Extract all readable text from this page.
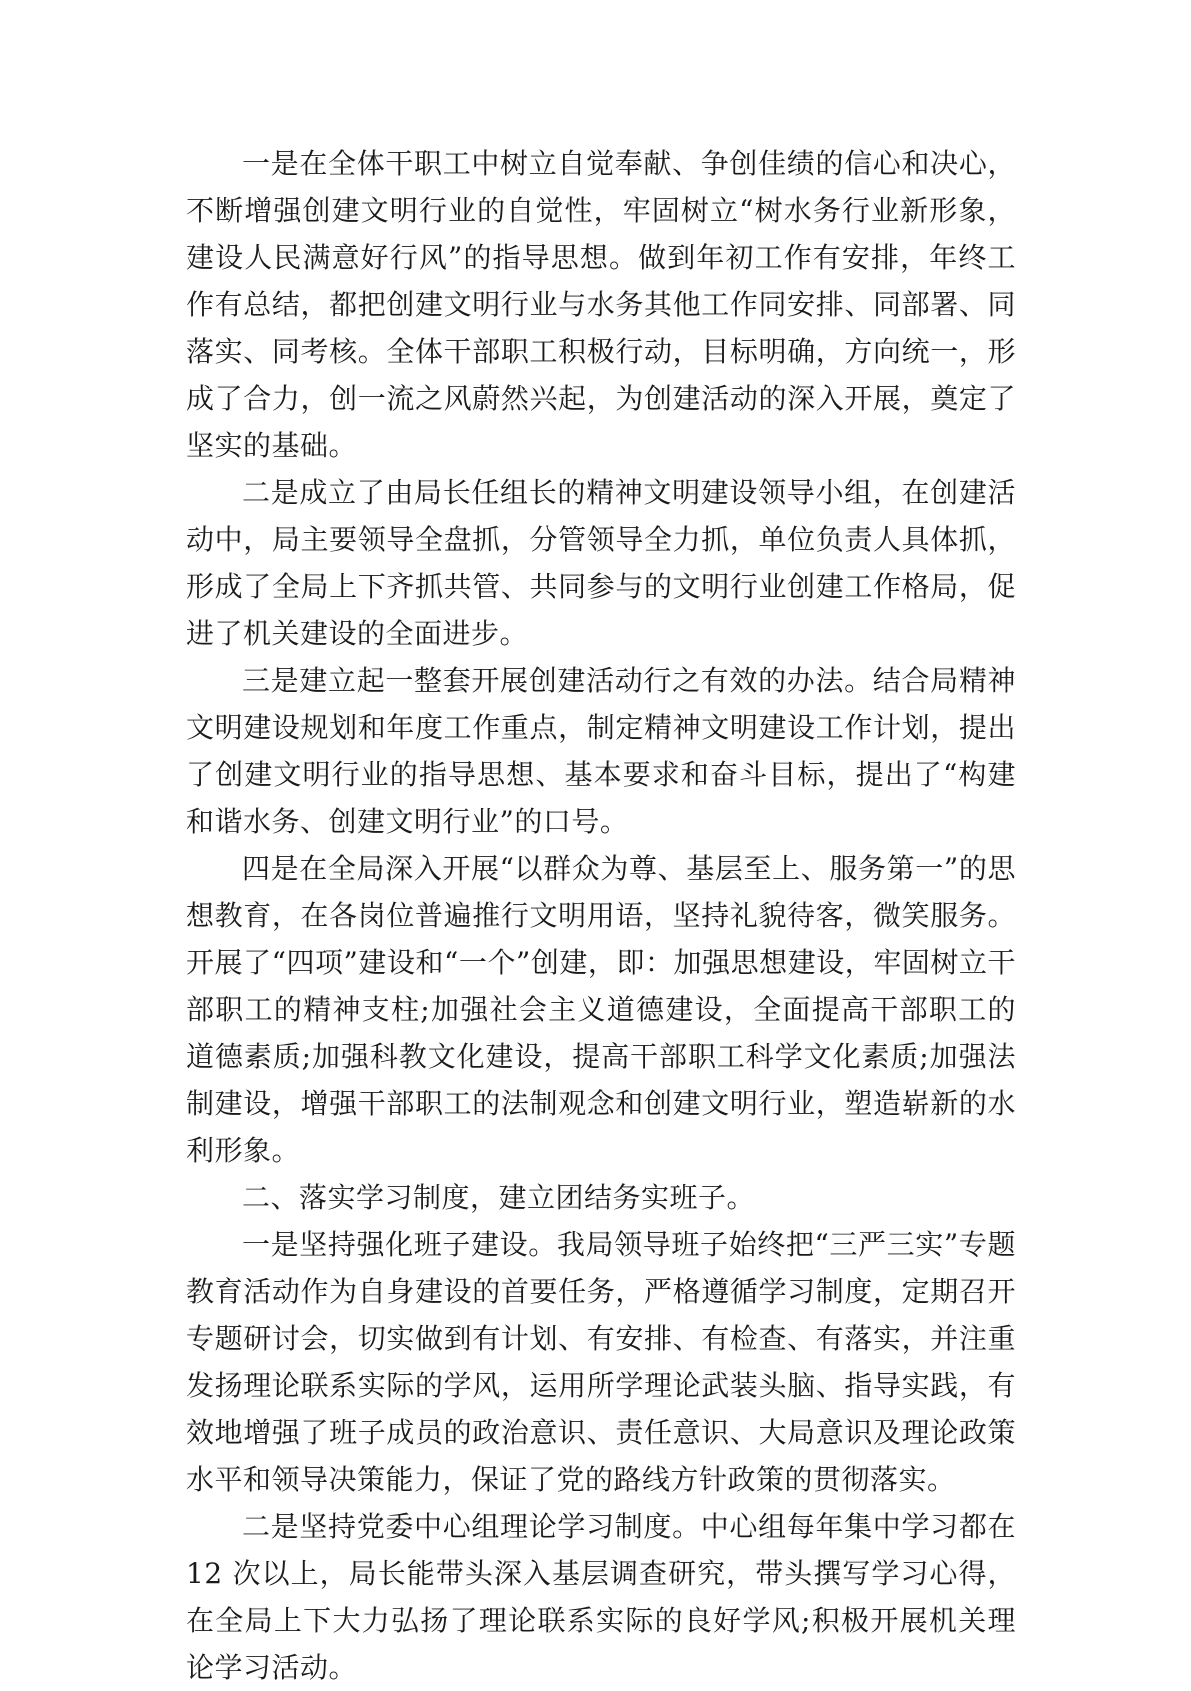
一是在全体干职工中树立自觉奉献、争创佳绩的信心和决心，不断增强创建文明行业的自觉性，牢固树立“树水务行业新形象，建设人民满意好行风”的指导思想。做到年初工作有安排，年终工作有总结，都把创建文明行业与水务其他工作同安排、同部署、同落实、同考核。全体干部职工积极行动，目标明确，方向统一，形成了合力，创一流之风蔚然兴起，为创建活动的深入开展，奠定了坚实的基础。

二是成立了由局长任组长的精神文明建设领导小组，在创建活动中，局主要领导全盘抓，分管领导全力抓，单位负责人具体抓，形成了全局上下齐抓共管、共同参与的文明行业创建工作格局，促进了机关建设的全面进步。

三是建立起一整套开展创建活动行之有效的办法。结合局精神文明建设规划和年度工作重点，制定精神文明建设工作计划，提出了创建文明行业的指导思想、基本要求和奋斗目标，提出了“构建和谐水务、创建文明行业”的口号。

四是在全局深入开展“以群众为尊、基层至上、服务第一”的思想教育，在各岗位普遍推行文明用语，坚持礼貌待客，微笑服务。开展了“四项”建设和“一个”创建，即：加强思想建设，牢固树立干部职工的精神支柱;加强社会主义道德建设，全面提高干部职工的道德素质;加强科教文化建设，提高干部职工科学文化素质;加强法制建设，增强干部职工的法制观念和创建文明行业，塑造崭新的水利形象。

二、落实学习制度，建立团结务实班子。

一是坚持强化班子建设。我局领导班子始终把“三严三实”专题教育活动作为自身建设的首要任务，严格遵循学习制度，定期召开专题研讨会，切实做到有计划、有安排、有检查、有落实，并注重发扬理论联系实际的学风，运用所学理论武装头脑、指导实践，有效地增强了班子成员的政治意识、责任意识、大局意识及理论政策水平和领导决策能力，保证了党的路线方针政策的贯彻落实。

二是坚持党委中心组理论学习制度。中心组每年集中学习都在 12 次以上，局长能带头深入基层调查研究，带头撰写学习心得，在全局上下大力弘扬了理论联系实际的良好学风;积极开展机关理论学习活动。
